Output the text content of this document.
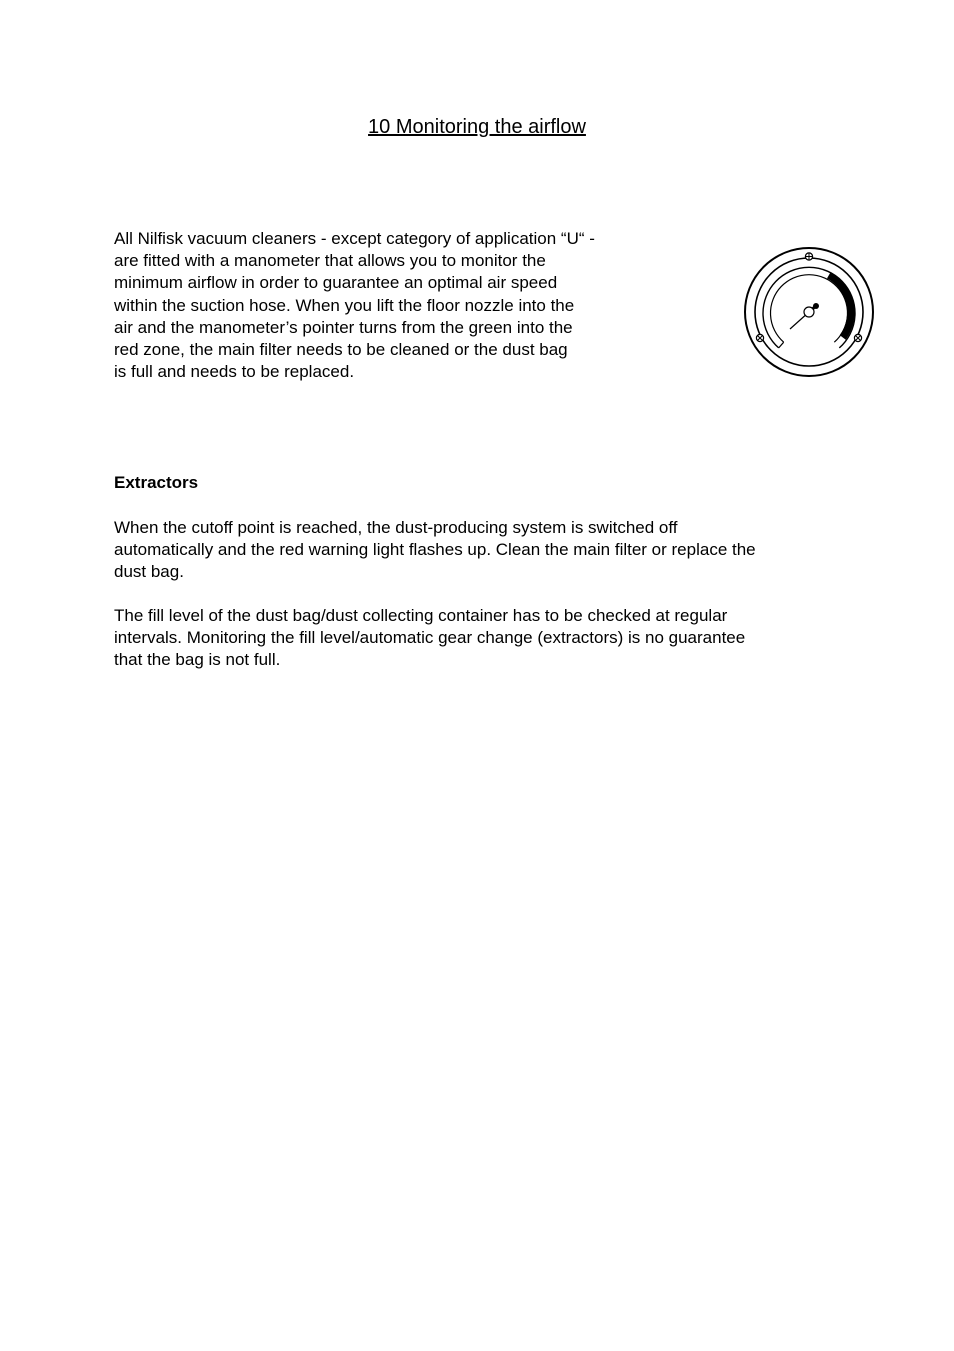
10 Monitoring the airflow

All Nilfisk vacuum cleaners - except category of application “U“ -
are fitted with a manometer that allows you to monitor the
minimum airflow in order to guarantee an optimal air speed
within the suction hose. When you lift the floor nozzle into the
air and the manometer’s pointer turns from the green into the
red zone, the main filter needs to be cleaned or the dust bag
is full and needs to be replaced.

Extractors

When the cutoff point is reached, the dust-producing system is switched off
automatically and the red warning light flashes up. Clean the main filter or replace the
dust bag.

The fill level of the dust bag/dust collecting container has to be checked at regular
intervals. Monitoring the fill level/automatic gear change (extractors) is no guarantee
that the bag is not full.
